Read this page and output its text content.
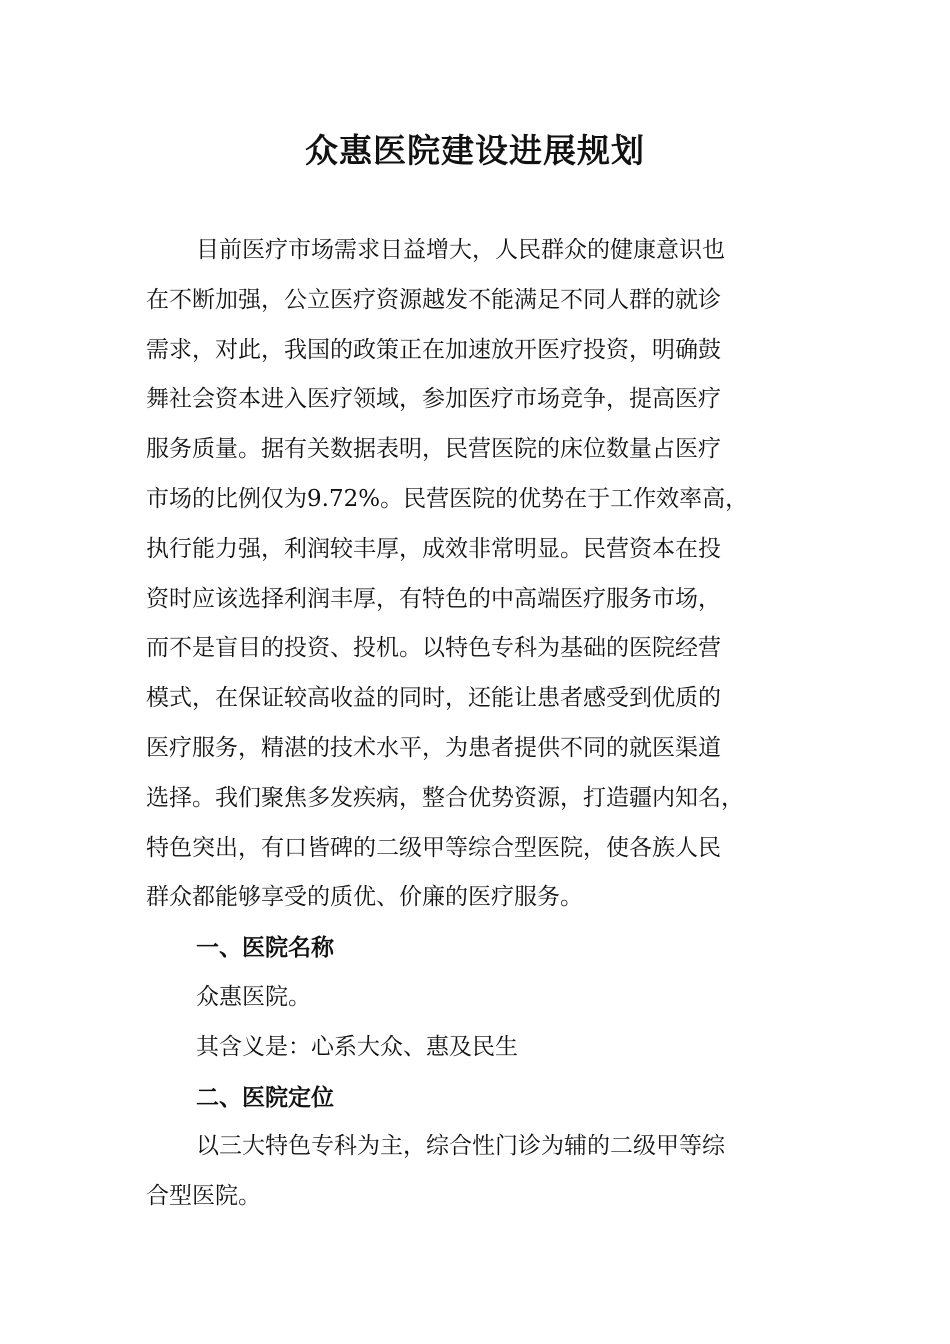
众惠医院建设进展规划
目前医疗市场需求日益增大，人民群众的健康意识也
在不断加强，公立医疗资源越发不能满足不同人群的就诊
需求，对此，我国的政策正在加速放开医疗投资，明确鼓
舞社会资本进入医疗领域，参加医疗市场竞争，提高医疗
服务质量。据有关数据表明，民营医院的床位数量占医疗
市场的比例仅为9.72%。民营医院的优势在于工作效率高，
执行能力强，利润较丰厚，成效非常明显。民营资本在投
资时应该选择利润丰厚，有特色的中高端医疗服务市场，
而不是盲目的投资、投机。以特色专科为基础的医院经营
模式，在保证较高收益的同时，还能让患者感受到优质的
医疗服务，精湛的技术水平，为患者提供不同的就医渠道
选择。我们聚焦多发疾病，整合优势资源，打造疆内知名，
特色突出，有口皆碑的二级甲等综合型医院，使各族人民
群众都能够享受的质优、价廉的医疗服务。
一、医院名称
众惠医院。
其含义是：心系大众、惠及民生
二、医院定位
以三大特色专科为主，综合性门诊为辅的二级甲等综
合型医院。
